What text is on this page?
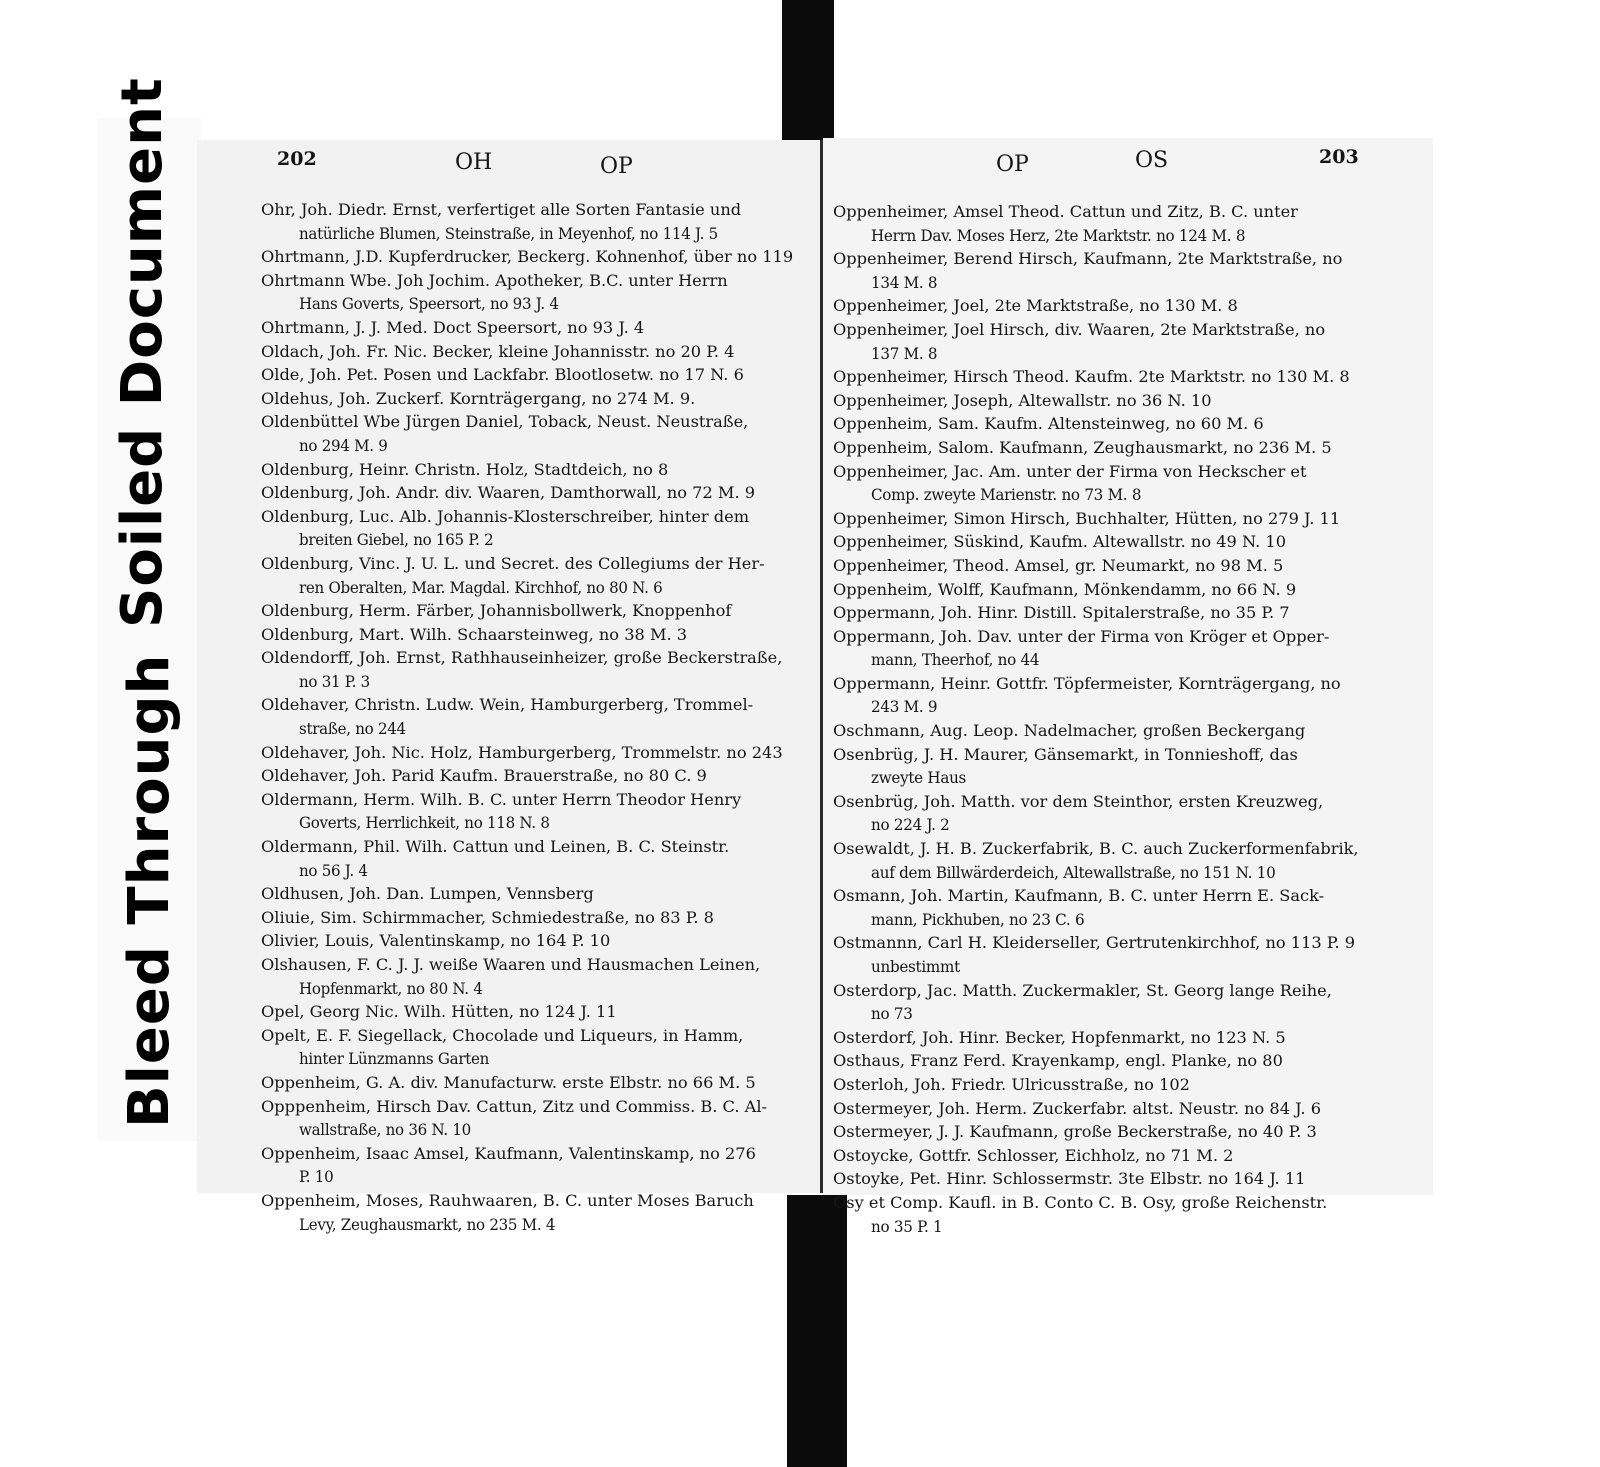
Soiled Document
Bleed Through
202	OH	OP
Ohr, Joh. Diedr. Ernst, verfertiget alle Sorten Fantasie und
natürliche Blumen, Steinstraße, in Meyenhof, no 114 J. 5
Ohrtmann, J.D. Kupferdrucker, Beckerg. Kohnenhof, über no 119
Ohrtmann Wbe. Joh Jochim. Apotheker, B.C. unter Herrn
Hans Goverts, Speersort, no 93 J. 4
Ohrtmann, J. J. Med. Doct Speersort, no 93 J. 4
Oldach, Joh. Fr. Nic. Becker, kleine Johannisstr. no 20 P. 4
Olde, Joh. Pet. Posen und Lackfabr. Blootlosetw. no 17 N. 6
Oldehus, Joh. Zuckerf. Kornträgergang, no 274 M. 9.
Oldenbüttel Wbe Jürgen Daniel, Toback, Neust. Neustraße,
no 294 M. 9
Oldenburg, Heinr. Christn. Holz, Stadtdeich, no 8
Oldenburg, Joh. Andr. div. Waaren, Damthorwall, no 72 M. 9
Oldenburg, Luc. Alb. Johannis-Klosterschreiber, hinter dem
breiten Giebel, no 165 P. 2
Oldenburg, Vinc. J. U. L. und Secret. des Collegiums der Her-
ren Oberalten, Mar. Magdal. Kirchhof, no 80 N. 6
Oldenburg, Herm. Färber, Johannisbollwerk, Knoppenhof
Oldenburg, Mart. Wilh. Schaarsteinweg, no 38 M. 3
Oldendorff, Joh. Ernst, Rathhauseinheizer, große Beckerstraße,
no 31 P. 3
Oldehaver, Christn. Ludw. Wein, Hamburgerberg, Trommel-
straße, no 244
Oldehaver, Joh. Nic. Holz, Hamburgerberg, Trommelstr. no 243
Oldehaver, Joh. Parid Kaufm. Brauerstraße, no 80 C. 9
Oldermann, Herm. Wilh. B. C. unter Herrn Theodor Henry
Goverts, Herrlichkeit, no 118 N. 8
Oldermann, Phil. Wilh. Cattun und Leinen, B. C. Steinstr.
no 56 J. 4
Oldhusen, Joh. Dan. Lumpen, Vennsberg
Oliuie, Sim. Schirmmacher, Schmiedestraße, no 83 P. 8
Olivier, Louis, Valentinskamp, no 164 P. 10
Olshausen, F. C. J. J. weiße Waaren und Hausmachen Leinen,
Hopfenmarkt, no 80 N. 4
Opel, Georg Nic. Wilh. Hütten, no 124 J. 11
Opelt, E. F. Siegellack, Chocolade und Liqueurs, in Hamm,
hinter Lünzmanns Garten
Oppenheim, G. A. div. Manufacturw. erste Elbstr. no 66 M. 5
Opppenheim, Hirsch Dav. Cattun, Zitz und Commiss. B. C. Al-
wallstraße, no 36 N. 10
Oppenheim, Isaac Amsel, Kaufmann, Valentinskamp, no 276
P. 10
Oppenheim, Moses, Rauhwaaren, B. C. unter Moses Baruch
Levy, Zeughausmarkt, no 235 M. 4
OP	OS	203
Oppenheimer, Amsel Theod. Cattun und Zitz, B. C. unter
Herrn Dav. Moses Herz, 2te Marktstr. no 124 M. 8
Oppenheimer, Berend Hirsch, Kaufmann, 2te Marktstraße, no
134 M. 8
Oppenheimer, Joel, 2te Marktstraße, no 130 M. 8
Oppenheimer, Joel Hirsch, div. Waaren, 2te Marktstraße, no
137 M. 8
Oppenheimer, Hirsch Theod. Kaufm. 2te Marktstr. no 130 M. 8
Oppenheimer, Joseph, Altewallstr. no 36 N. 10
Oppenheim, Sam. Kaufm. Altensteinweg, no 60 M. 6
Oppenheim, Salom. Kaufmann, Zeughausmarkt, no 236 M. 5
Oppenheimer, Jac. Am. unter der Firma von Heckscher et
Comp. zweyte Marienstr. no 73 M. 8
Oppenheimer, Simon Hirsch, Buchhalter, Hütten, no 279 J. 11
Oppenheimer, Süskind, Kaufm. Altewallstr. no 49 N. 10
Oppenheimer, Theod. Amsel, gr. Neumarkt, no 98 M. 5
Oppenheim, Wolff, Kaufmann, Mönkendamm, no 66 N. 9
Oppermann, Joh. Hinr. Distill. Spitalerstraße, no 35 P. 7
Oppermann, Joh. Dav. unter der Firma von Kröger et Opper-
mann, Theerhof, no 44
Oppermann, Heinr. Gottfr. Töpfermeister, Kornträgergang, no
243 M. 9
Oschmann, Aug. Leop. Nadelmacher, großen Beckergang
Osenbrüg, J. H. Maurer, Gänsemarkt, in Tonnieshoff, das
zweyte Haus
Osenbrüg, Joh. Matth. vor dem Steinthor, ersten Kreuzweg,
no 224 J. 2
Osewaldt, J. H. B. Zuckerfabrik, B. C. auch Zuckerformenfabrik,
auf dem Billwärderdeich, Altewallstraße, no 151 N. 10
Osmann, Joh. Martin, Kaufmann, B. C. unter Herrn E. Sack-
mann, Pickhuben, no 23 C. 6
Ostmannn, Carl H. Kleiderseller, Gertrutenkirchhof, no 113 P. 9
unbestimmt
Osterdorp, Jac. Matth. Zuckermakler, St. Georg lange Reihe,
no 73
Osterdorf, Joh. Hinr. Becker, Hopfenmarkt, no 123 N. 5
Osthaus, Franz Ferd. Krayenkamp, engl. Planke, no 80
Osterloh, Joh. Friedr. Ulricusstraße, no 102
Ostermeyer, Joh. Herm. Zuckerfabr. altst. Neustr. no 84 J. 6
Ostermeyer, J. J. Kaufmann, große Beckerstraße, no 40 P. 3
Ostoycke, Gottfr. Schlosser, Eichholz, no 71 M. 2
Ostoyke, Pet. Hinr. Schlossermstr. 3te Elbstr. no 164 J. 11
Osy et Comp. Kaufl. in B. Conto C. B. Osy, große Reichenstr.
no 35 P. 1
